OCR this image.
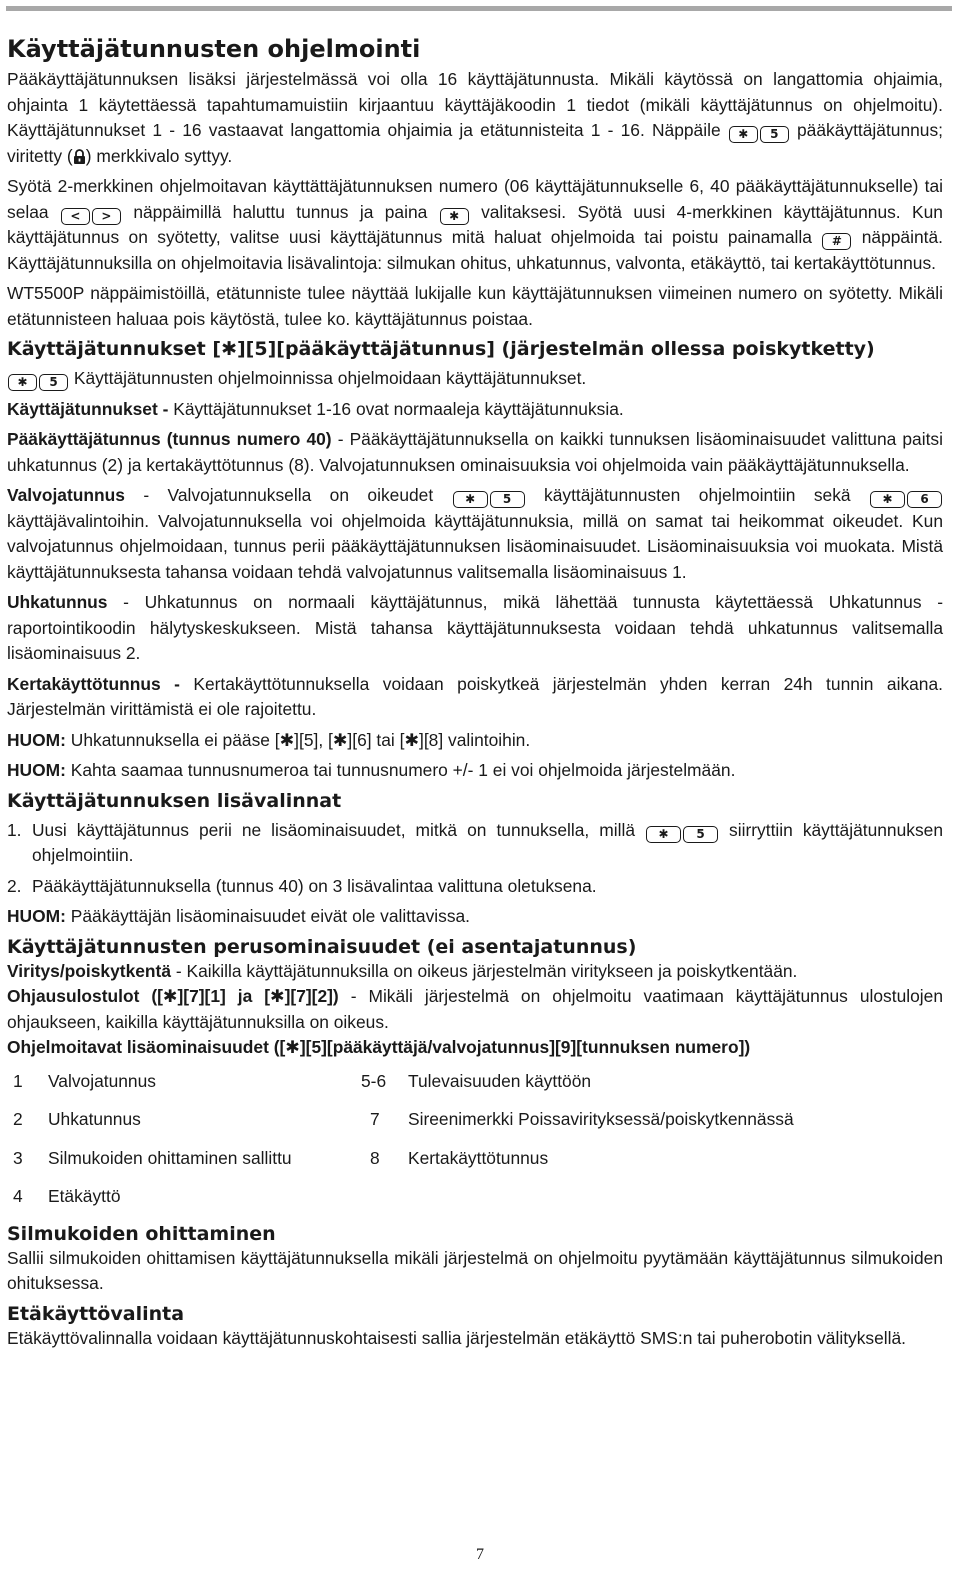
Käyttäjätunnusten ohjelmointi

Pääkäyttäjätunnuksen lisäksi järjestelmässä voi olla 16 käyttäjätunnusta. Mikäli käytössä on langattomia ohjaimia, ohjainta 1 käytettäessä tapahtumamuistiin kirjaantuu käyttäjäkoodin 1 tiedot (mikäli käyttäjätunnus on ohjelmoitu). Käyttäjätunnukset 1 - 16 vastaavat langattomia ohjaimia ja etätunnisteita 1 - 16. Näppäile ✱ 5 pääkäyttäjätunnus; viritetty ( ) merkkivalo syttyy.

Syötä 2-merkkinen ohjelmoitavan käyttättäjätunnuksen numero (06 käyttäjätunnukselle 6, 40 pääkäyttäjätunnukselle) tai selaa < > näppäimillä haluttu tunnus ja paina ✱ valitaksesi. Syötä uusi 4-merkkinen käyttäjätunnus. Kun käyttäjätunnus on syötetty, valitse uusi käyttäjätunnus mitä haluat ohjelmoida tai poistu painamalla # näppäintä. Käyttäjätunnuksilla on ohjelmoitavia lisävalintoja: silmukan ohitus, uhkatunnus, valvonta, etäkäyttö, tai kertakäyttötunnus.

WT5500P näppäimistöillä, etätunniste tulee näyttää lukijalle kun käyttäjätunnuksen viimeinen numero on syötetty. Mikäli etätunnisteen haluaa pois käytöstä, tulee ko. käyttäjätunnus poistaa.

Käyttäjätunnukset [✱][5][pääkäyttäjätunnus] (järjestelmän ollessa poiskytketty)

✱ 5 Käyttäjätunnusten ohjelmoinnissa ohjelmoidaan käyttäjätunnukset.

Käyttäjätunnukset - Käyttäjätunnukset 1-16 ovat normaaleja käyttäjätunnuksia.

Pääkäyttäjätunnus (tunnus numero 40) - Pääkäyttäjätunnuksella on kaikki tunnuksen lisäominaisuudet valittuna paitsi uhkatunnus (2) ja kertakäyttötunnus (8). Valvojatunnuksen ominaisuuksia voi ohjelmoida vain pääkäyttäjätunnuksella.

Valvojatunnus - Valvojatunnuksella on oikeudet	✱ 5 käyttäjätunnusten ohjelmointiin sekä	✱ 6 käyttäjävalintoihin. Valvojatunnuksella voi ohjelmoida käyttäjätunnuksia, millä on samat tai heikommat oikeudet. Kun valvojatunnus ohjelmoidaan, tunnus perii pääkäyttäjätunnuksen lisäominaisuudet. Lisäominaisuuksia voi muokata. Mistä käyttäjätunnuksesta tahansa voidaan tehdä valvojatunnus valitsemalla lisäominaisuus 1.

Uhkatunnus - Uhkatunnus on normaali käyttäjätunnus, mikä lähettää tunnusta käytettäessä Uhkatunnus -raportointikoodin hälytyskeskukseen. Mistä tahansa käyttäjätunnuksesta voidaan tehdä uhkatunnus valitsemalla lisäominaisuus 2.

Kertakäyttötunnus - Kertakäyttötunnuksella voidaan poiskytkeä järjestelmän yhden kerran 24h tunnin aikana. Järjestelmän virittämistä ei ole rajoitettu.

HUOM: Uhkatunnuksella ei pääse [✱][5], [✱][6] tai [✱][8] valintoihin.

HUOM: Kahta saamaa tunnusnumeroa tai tunnusnumero +/- 1 ei voi ohjelmoida järjestelmään.

Käyttäjätunnuksen lisävalinnat
1. Uusi käyttäjätunnus perii ne lisäominaisuudet, mitkä on tunnuksella, millä ✱ 5 siirryttiin käyttäjätunnuksen ohjelmointiin.

2. Pääkäyttäjätunnuksella (tunnus 40) on 3 lisävalintaa valittuna oletuksena.

HUOM: Pääkäyttäjän lisäominaisuudet eivät ole valittavissa.

Käyttäjätunnusten perusominaisuudet (ei asentajatunnus)

Viritys/poiskytkentä - Kaikilla käyttäjätunnuksilla on oikeus järjestelmän viritykseen ja poiskytkentään.

Ohjausulostulot ([✱][7][1] ja [✱][7][2]) - Mikäli järjestelmä on ohjelmoitu vaatimaan käyttäjätunnus ulostulojen ohjaukseen, kaikilla käyttäjätunnuksilla on oikeus.

Ohjelmoitavat lisäominaisuudet ([✱][5][pääkäyttäjä/valvojatunnus][9][tunnuksen numero])

1 Valvojatunnus
2 Uhkatunnus
3 Silmukoiden ohittaminen sallittu
4 Etäkäyttö
5-6 Tulevaisuuden käyttöön
7 Sireenimerkki Poissavirityksessä/poiskytkennässä
8 Kertakäyttötunnus
Silmukoiden ohittaminen

Sallii silmukoiden ohittamisen käyttäjätunnuksella mikäli järjestelmä on ohjelmoitu pyytämään käyttäjätunnus silmukoiden ohituksessa.

Etäkäyttövalinta

Etäkäyttövalinnalla voidaan käyttäjätunnuskohtaisesti sallia järjestelmän etäkäyttö SMS:n tai puherobotin välityksellä.

7
